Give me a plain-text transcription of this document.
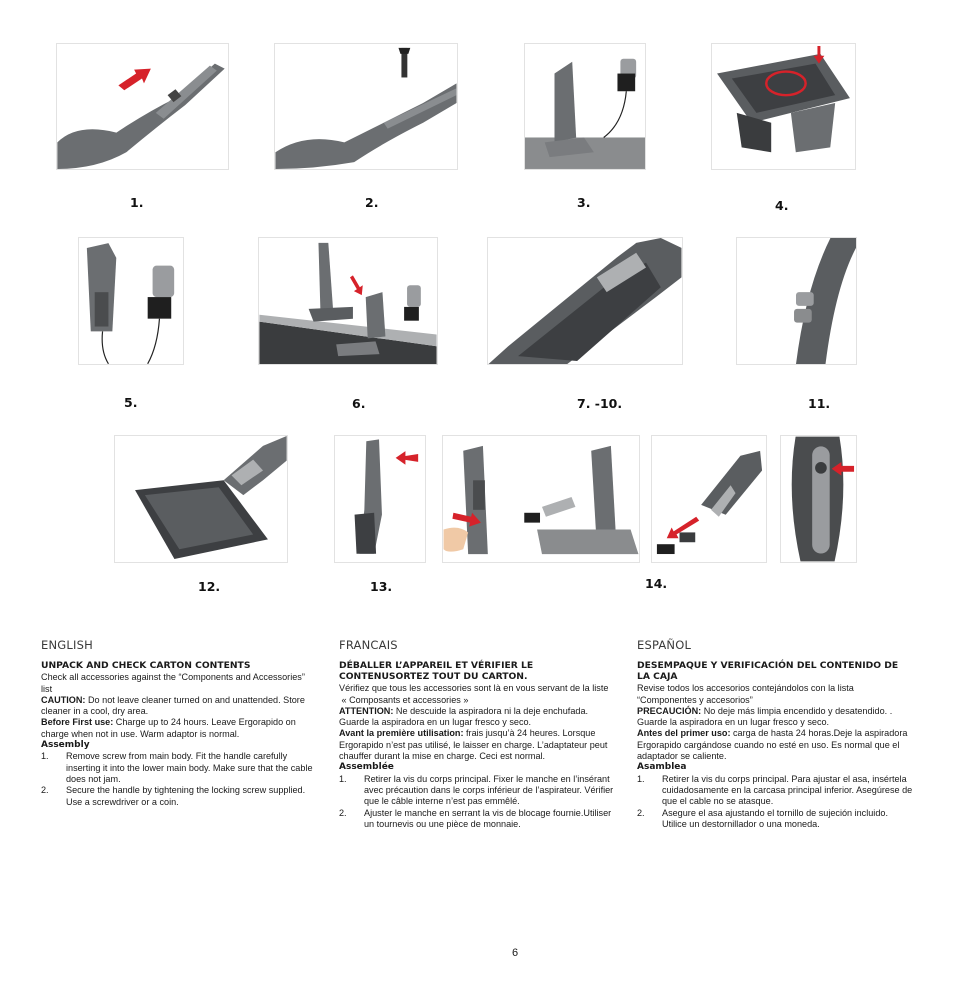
1.	2.	3.	4.
5.	6.	7. -10.	11.
12.	13.	14.
ENGLISH
UNPACK AND CHECK CARTON CONTENTS
Check all accessories against the “Components and Accessories” list
CAUTION: Do not leave cleaner turned on and unattended. Store cleaner in a cool, dry area.
Before First use: Charge up to 24 hours. Leave Ergorapido on charge when not in use. Warm adaptor is normal.
Assembly
1.	Remove screw from main body. Fit the handle carefully inserting it into the lower main body. Make sure that the cable does not jam.
2.	Secure the handle by tightening the locking screw supplied. Use a screwdriver or a coin.
FRANCAIS
DÉBALLER L’APPAREIL ET VÉRIFIER LE CONTENUSORTEZ TOUT DU CARTON.
Vérifiez que tous les accessories sont là en vous servant de la liste  « Composants et accessories »
ATTENTION: Ne descuide la aspiradora ni la deje enchufada. Guarde la aspiradora en un lugar fresco y seco.
Avant la première utilisation: frais jusqu’à 24 heures. Lorsque Ergorapido n’est pas utilisé, le laisser en charge. L’adaptateur peut chauffer durant la mise en charge. Ceci est normal.
Assemblée
1.	Retirer la vis du corps principal. Fixer le manche en l’insérant avec précaution dans le corps inférieur de l’aspirateur. Vérifier que le câble interne n’est pas emmêlé.
2.	Ajuster le manche en serrant la vis de blocage fournie.Utiliser un tournevis ou une pièce de monnaie.
ESPAÑOL
DESEMPAQUE Y VERIFICACIÓN DEL CONTENIDO DE LA CAJA
Revise todos los accesorios contejándolos con la lista “Componentes y accesorios”
PRECAUCIÓN: No deje más limpia encendido y desatendido. . Guarde la aspiradora en un lugar fresco y seco.
Antes del primer uso: carga de hasta 24 horas.Deje la aspiradora Ergorapido cargándose cuando no esté en uso. Es normal que el adaptador se caliente.
Asamblea
1.	Retirer la vis du corps principal. Para ajustar el asa, insértela cuidadosamente en la carcasa principal inferior. Asegúrese de que el cable no se atasque.
2.	Asegure el asa ajustando el tornillo de sujeción incluido. Utilice un destornillador o una moneda.
6
